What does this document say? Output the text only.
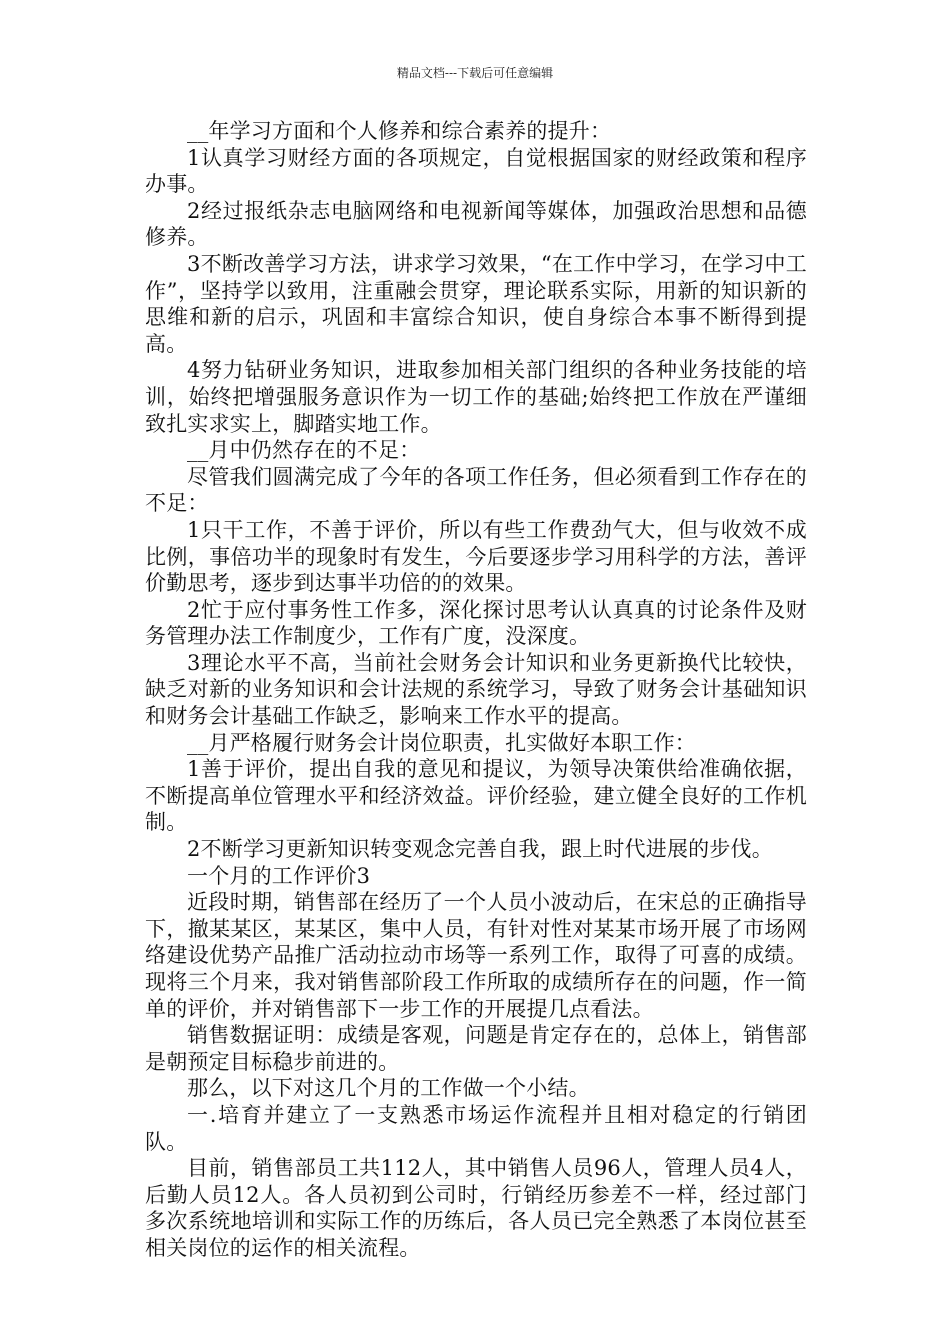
精品文档---下载后可任意编辑

__年学习方面和个人修养和综合素养的提升：

1认真学习财经方面的各项规定，自觉根据国家的财经政策和程序办事。

2经过报纸杂志电脑网络和电视新闻等媒体，加强政治思想和品德修养。

3不断改善学习方法，讲求学习效果，“在工作中学习，在学习中工作”，坚持学以致用，注重融会贯穿，理论联系实际，用新的知识新的思维和新的启示，巩固和丰富综合知识，使自身综合本事不断得到提高。

4努力钻研业务知识，进取参加相关部门组织的各种业务技能的培训，始终把增强服务意识作为一切工作的基础;始终把工作放在严谨细致扎实求实上，脚踏实地工作。

__月中仍然存在的不足：

尽管我们圆满完成了今年的各项工作任务，但必须看到工作存在的不足：

1只干工作，不善于评价，所以有些工作费劲气大，但与收效不成比例，事倍功半的现象时有发生，今后要逐步学习用科学的方法，善评价勤思考，逐步到达事半功倍的的效果。

2忙于应付事务性工作多，深化探讨思考认认真真的讨论条件及财务管理办法工作制度少，工作有广度，没深度。

3理论水平不高，当前社会财务会计知识和业务更新换代比较快，缺乏对新的业务知识和会计法规的系统学习，导致了财务会计基础知识和财务会计基础工作缺乏，影响来工作水平的提高。

__月严格履行财务会计岗位职责，扎实做好本职工作：

1善于评价，提出自我的意见和提议，为领导决策供给准确依据，不断提高单位管理水平和经济效益。评价经验，建立健全良好的工作机制。

2不断学习更新知识转变观念完善自我，跟上时代进展的步伐。

一个月的工作评价3

近段时期，销售部在经历了一个人员小波动后，在宋总的正确指导下，撤某某区，某某区，集中人员，有针对性对某某市场开展了市场网络建设优势产品推广活动拉动市场等一系列工作，取得了可喜的成绩。现将三个月来，我对销售部阶段工作所取的成绩所存在的问题，作一简单的评价，并对销售部下一步工作的开展提几点看法。

销售数据证明：成绩是客观，问题是肯定存在的，总体上，销售部是朝预定目标稳步前进的。

那么，以下对这几个月的工作做一个小结。

一.培育并建立了一支熟悉市场运作流程并且相对稳定的行销团队。

目前，销售部员工共112人，其中销售人员96人，管理人员4人，后勤人员12人。各人员初到公司时，行销经历参差不一样，经过部门多次系统地培训和实际工作的历练后，各人员已完全熟悉了本岗位甚至相关岗位的运作的相关流程。
